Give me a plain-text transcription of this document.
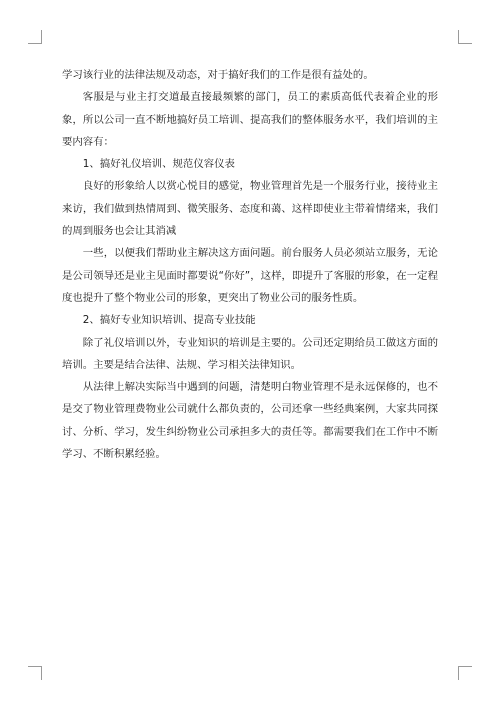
学习该行业的法律法规及动态，对于搞好我们的工作是很有益处的。

客服是与业主打交道最直接最频繁的部门，员工的素质高低代表着企业的形象，所以公司一直不断地搞好员工培训、提高我们的整体服务水平，我们培训的主要内容有：

1、搞好礼仪培训、规范仪容仪表

良好的形象给人以赏心悦目的感觉，物业管理首先是一个服务行业，接待业主来访，我们做到热情周到、微笑服务、态度和蔼、这样即使业主带着情绪来，我们的周到服务也会让其消减

一些，以便我们帮助业主解决这方面问题。前台服务人员必须站立服务，无论是公司领导还是业主见面时都要说“你好”，这样，即提升了客服的形象，在一定程度也提升了整个物业公司的形象，更突出了物业公司的服务性质。

2、搞好专业知识培训、提高专业技能

除了礼仪培训以外，专业知识的培训是主要的。公司还定期给员工做这方面的培训。主要是结合法律、法规、学习相关法律知识。

从法律上解决实际当中遇到的问题，清楚明白物业管理不是永远保修的，也不是交了物业管理费物业公司就什么都负责的，公司还拿一些经典案例，大家共同探讨、分析、学习，发生纠纷物业公司承担多大的责任等。都需要我们在工作中不断学习、不断积累经验。
